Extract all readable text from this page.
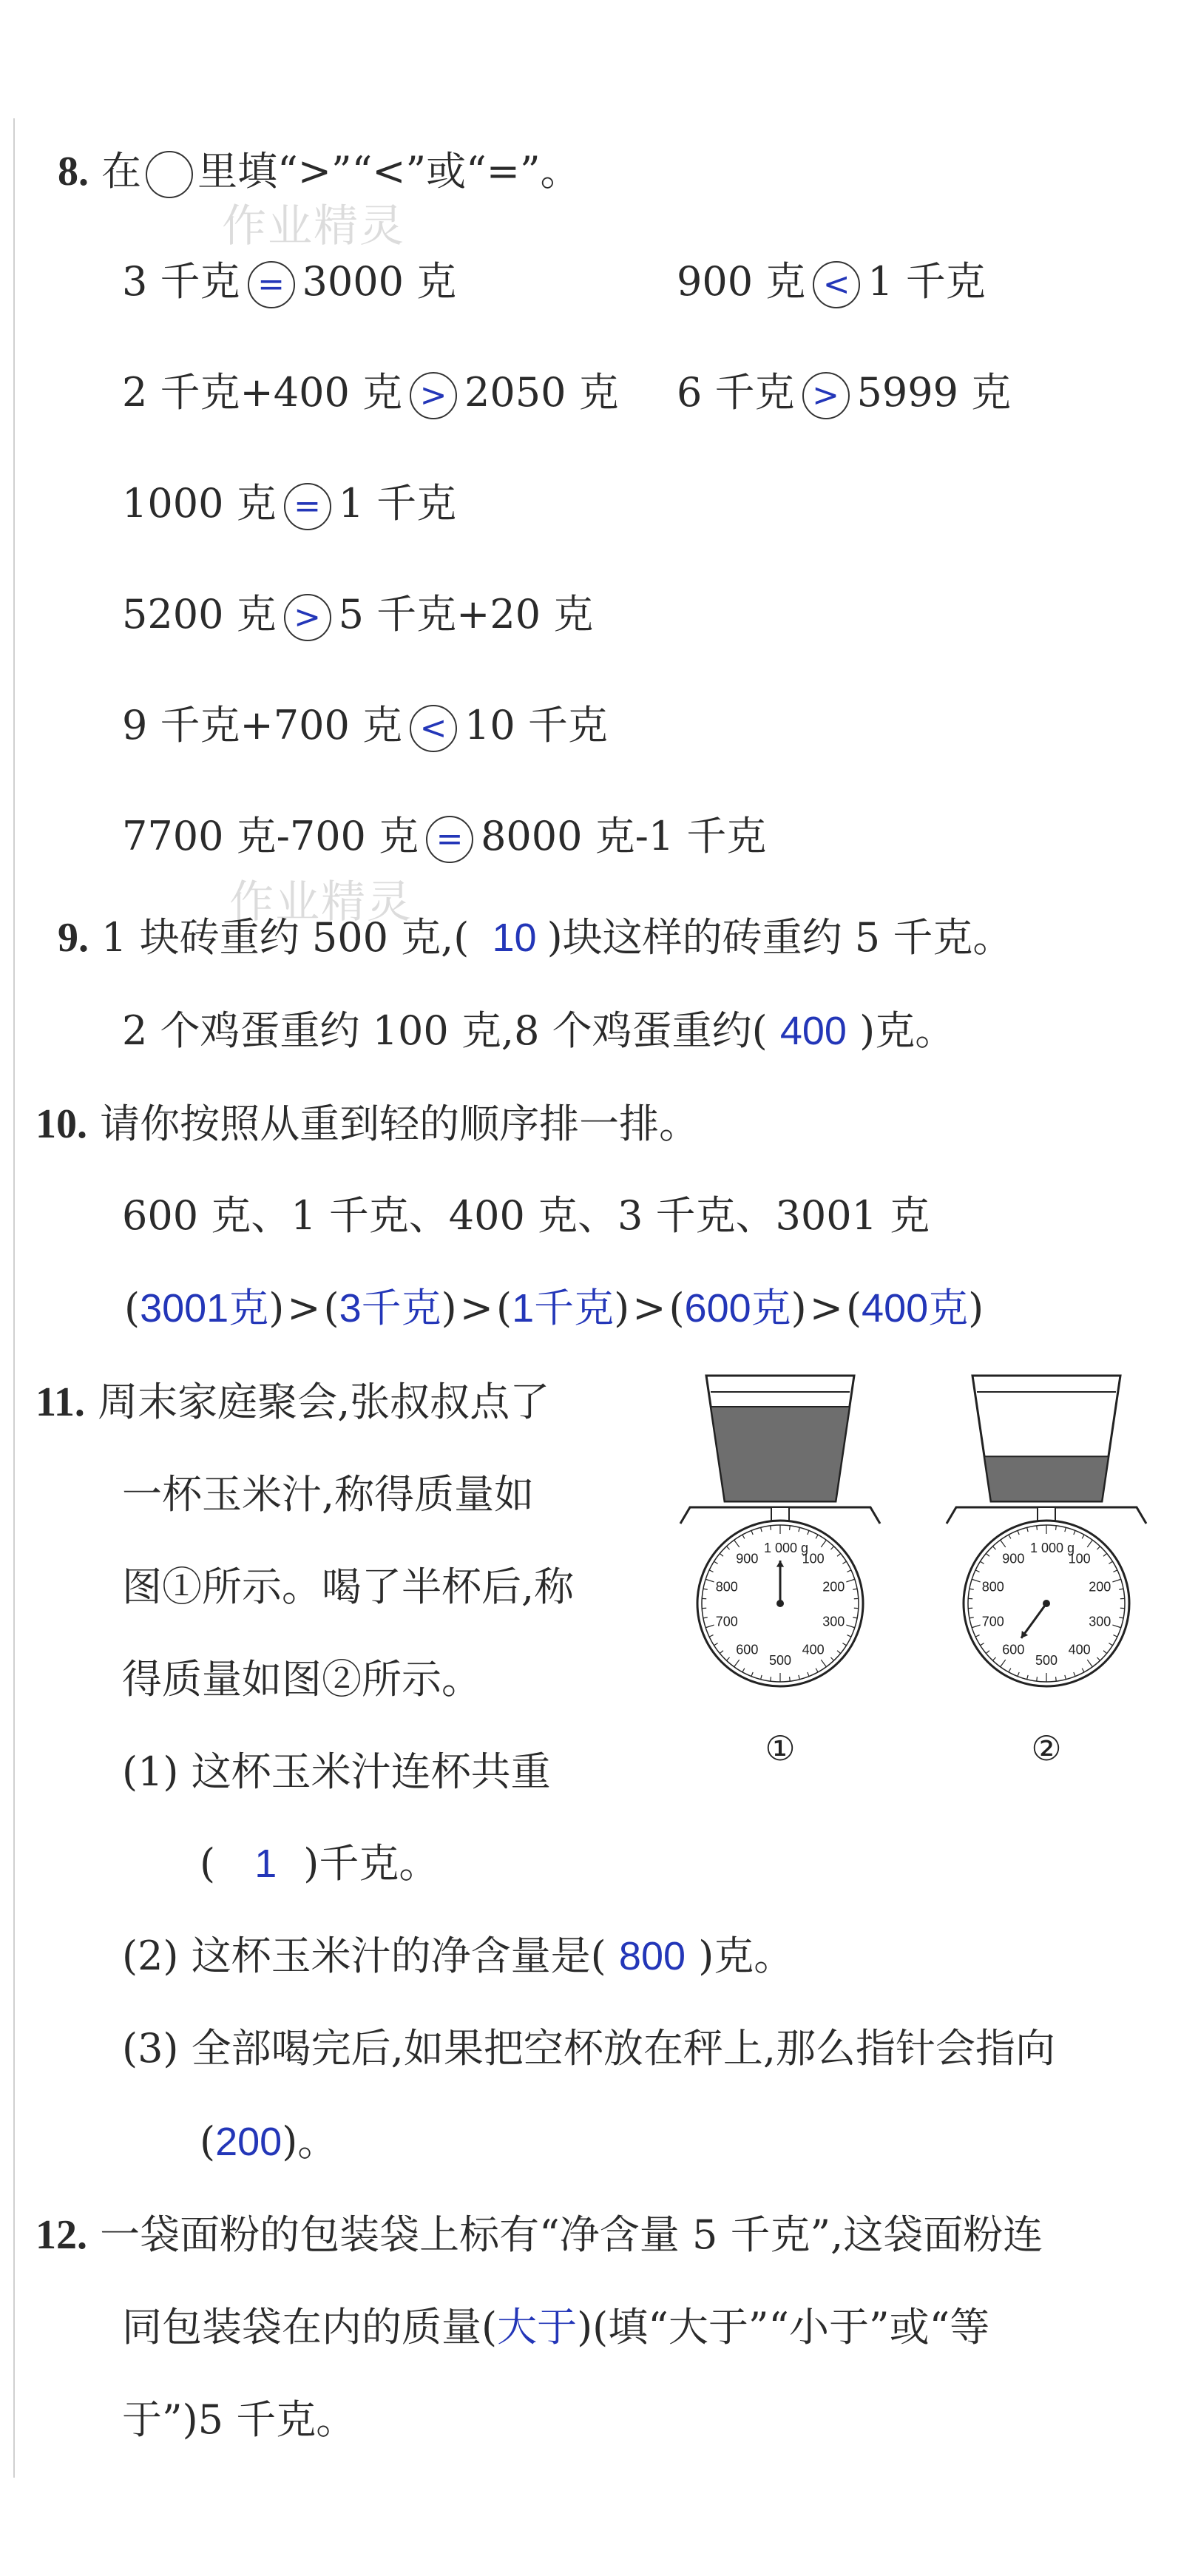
8. 在 里填“>”“<”或“=”。
作业精灵
3 千克 = 3000 克	900 克 < 1 千克
2 千克+400 克 > 2050 克 6 千克 > 5999 克
1000 克 = 1 千克
5200 克 > 5 千克+20 克
9 千克+700 克 < 10 千克
7700 克-700 克 = 8000 克-1 千克
作业精灵
9. 1 块砖重约 500 克,( 10 )块这样的砖重约 5 千克。
2 个鸡蛋重约 100 克,8 个鸡蛋重约( 400 )克。
10. 请你按照从重到轻的顺序排一排。
600 克、1 千克、400 克、3 千克、3001 克
(3001克)>(3千克)>(1千克)>(600克)>(400克)
11. 周末家庭聚会,张叔叔点了
一杯玉米汁,称得质量如
图①所示。喝了半杯后,称
得质量如图②所示。
1 000 g
100
200
300
400
500
600
700
800
900
①
1 000 g
100
200
300
400
500
600
700
800
900
②
(1) 这杯玉米汁连杯共重
( 1 )千克。
(2) 这杯玉米汁的净含量是( 800 )克。
(3) 全部喝完后,如果把空杯放在秤上,那么指针会指向
(200)。
12. 一袋面粉的包装袋上标有“净含量 5 千克”,这袋面粉连
同包装袋在内的质量(大于)(填“大于”“小于”或“等
于”)5 千克。
